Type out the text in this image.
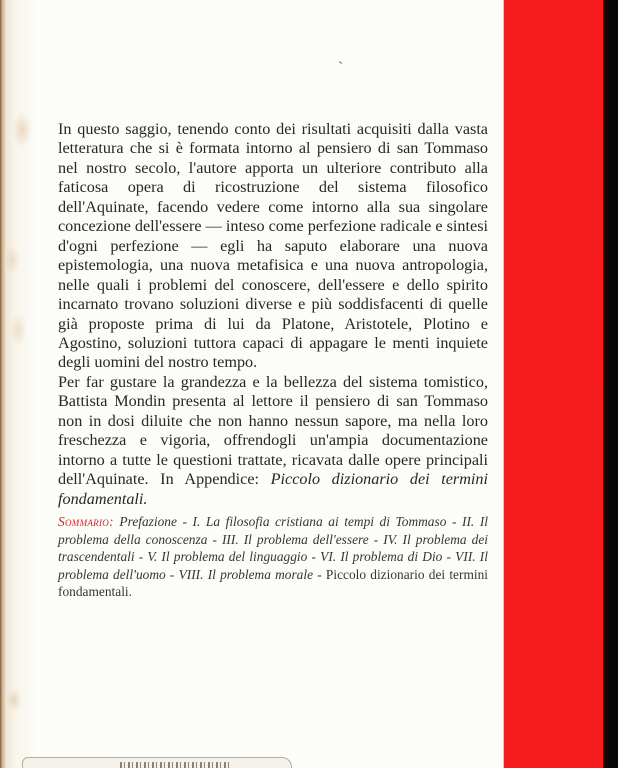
In questo saggio, tenendo conto dei risultati acquisiti dalla vasta letteratura che si è formata intorno al pensiero di san Tommaso nel nostro secolo, l'autore apporta un ulteriore contributo alla faticosa opera di ricostruzione del sistema filosofico dell'Aquinate, facendo vedere come intorno alla sua singolare concezione dell'essere — inteso come perfezione radicale e sintesi d'ogni perfezione — egli ha saputo elaborare una nuova epistemologia, una nuova metafisica e una nuova antropologia, nelle quali i problemi del conoscere, dell'essere e dello spirito incarnato trovano soluzioni diverse e più soddisfacenti di quelle già proposte prima di lui da Platone, Aristotele, Plotino e Agostino, soluzioni tuttora capaci di appagare le menti inquiete degli uomini del nostro tempo.

Per far gustare la grandezza e la bellezza del sistema tomistico, Battista Mondin presenta al lettore il pensiero di san Tommaso non in dosi diluite che non hanno nessun sapore, ma nella loro freschezza e vigoria, offrendogli un'ampia documentazione intorno a tutte le questioni trattate, ricavata dalle opere principali dell'Aquinate. In Appendice: Piccolo dizionario dei termini fondamentali.

Sommario: Prefazione - I. La filosofia cristiana ai tempi di Tommaso - II. Il problema della conoscenza - III. Il problema dell'essere - IV. Il problema dei trascendentali - V. Il problema del linguaggio - VI. Il problema di Dio - VII. Il problema dell'uomo - VIII. Il problema morale - Piccolo dizionario dei termini fondamentali.
